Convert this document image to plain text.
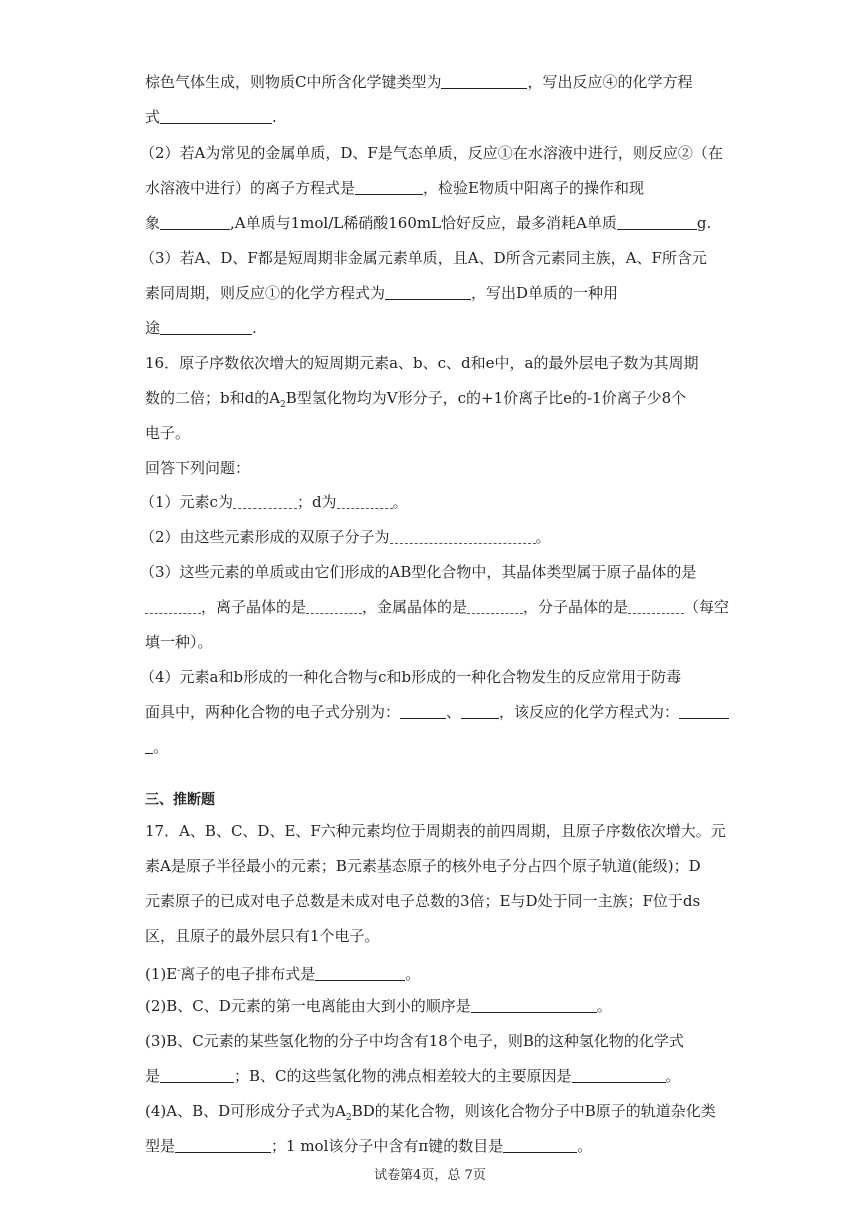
棕色气体生成，则物质C中所含化学键类型为	，写出反应④的化学方程
式	.
（2）若A为常见的金属单质，D、F是气态单质，反应①在水溶液中进行，则反应②（在
水溶液中进行）的离子方程式是	，检验E物质中阳离子的操作和现
象	,A单质与1mol/L稀硝酸160mL恰好反应，最多消耗A单质	g.
（3）若A、D、F都是短周期非金属元素单质，且A、D所含元素同主族，A、F所含元
素同周期，则反应①的化学方程式为	，写出D单质的一种用
途	.
16．原子序数依次增大的短周期元素a、b、c、d和e中，a的最外层电子数为其周期
数的二倍；b和d的$A_2B$型氢化物均为V形分子，c的+1价离子比e的-1价离子少8个
电子。
回答下列问题：
（1）元素c为	；d为	。
（2）由这些元素形成的双原子分子为	。
（3）这些元素的单质或由它们形成的AB型化合物中，其晶体类型属于原子晶体的是
，离子晶体的是	，金属晶体的是	，分子晶体的是	（每空
填一种）。
（4）元素a和b形成的一种化合物与c和b形成的一种化合物发生的反应常用于防毒
面具中，两种化合物的电子式分别为：	、	，该反应的化学方程式为：
。
三、推断题
17．A、B、C、D、E、F六种元素均位于周期表的前四周期，且原子序数依次增大。元
素A是原子半径最小的元素；B元素基态原子的核外电子分占四个原子轨道(能级)；D
元素原子的已成对电子总数是未成对电子总数的3倍；E与D处于同一主族；F位于ds
区，且原子的最外层只有1个电子。
(1)E-离子的电子排布式是	。
(2)B、C、D元素的第一电离能由大到小的顺序是	。
(3)B、C元素的某些氢化物的分子中均含有18个电子，则B的这种氢化物的化学式
是	；B、C的这些氢化物的沸点相差较大的主要原因是	。
(4)A、B、D可形成分子式为$A_2BD$的某化合物，则该化合物分子中B原子的轨道杂化类
型是	；1 mol该分子中含有π键的数目是	。
试卷第4页，总 7页
